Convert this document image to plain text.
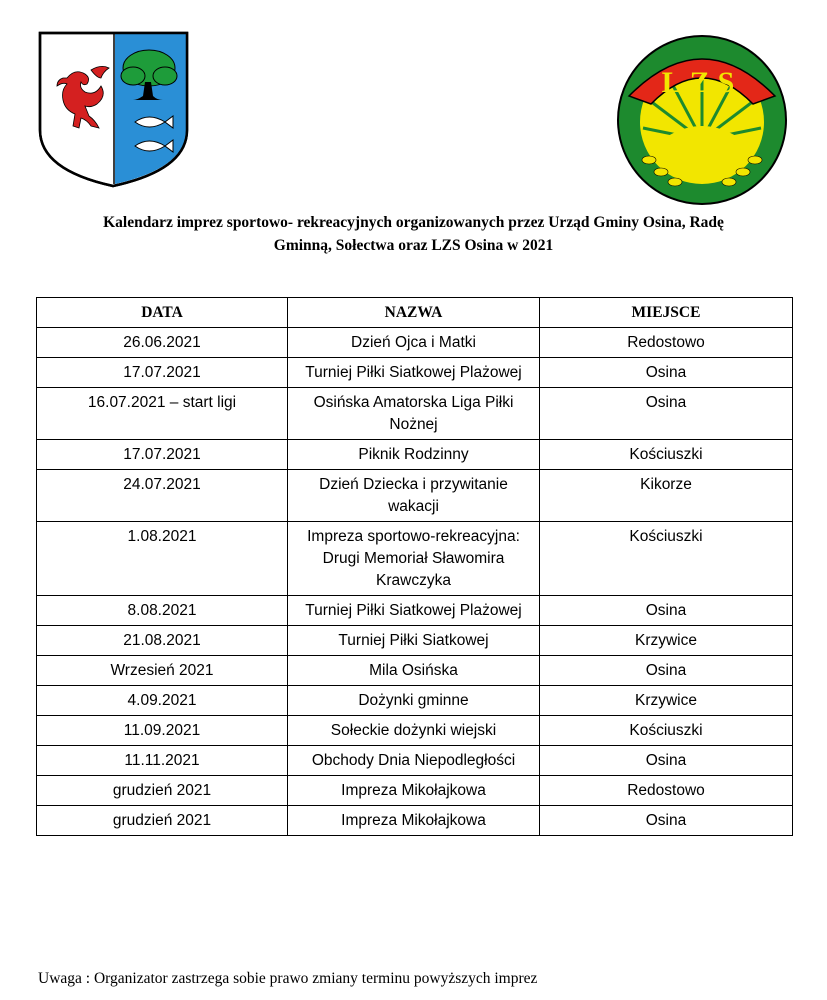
LZS
Kalendarz imprez sportowo- rekreacyjnych organizowanych przez Urząd Gminy Osina, Radę
Gminną, Sołectwa oraz LZS Osina w 2021
DATA	NAZWA	MIEJSCE
26.06.2021	Dzień Ojca i Matki	Redostowo
17.07.2021	Turniej Piłki Siatkowej Plażowej	Osina
16.07.2021 – start ligi	Osińska Amatorska Liga Piłki Nożnej	Osina
17.07.2021	Piknik Rodzinny	Kościuszki
24.07.2021	Dzień Dziecka i przywitanie wakacji	Kikorze
1.08.2021	Impreza sportowo-rekreacyjna: Drugi Memoriał Sławomira Krawczyka	Kościuszki
8.08.2021	Turniej Piłki Siatkowej Plażowej	Osina
21.08.2021	Turniej Piłki Siatkowej	Krzywice
Wrzesień 2021	Mila Osińska	Osina
4.09.2021	Dożynki gminne	Krzywice
11.09.2021	Sołeckie dożynki wiejski	Kościuszki
11.11.2021	Obchody Dnia Niepodległości	Osina
grudzień 2021	Impreza Mikołajkowa	Redostowo
grudzień 2021	Impreza Mikołajkowa	Osina
Uwaga : Organizator zastrzega sobie prawo zmiany terminu powyższych imprez
